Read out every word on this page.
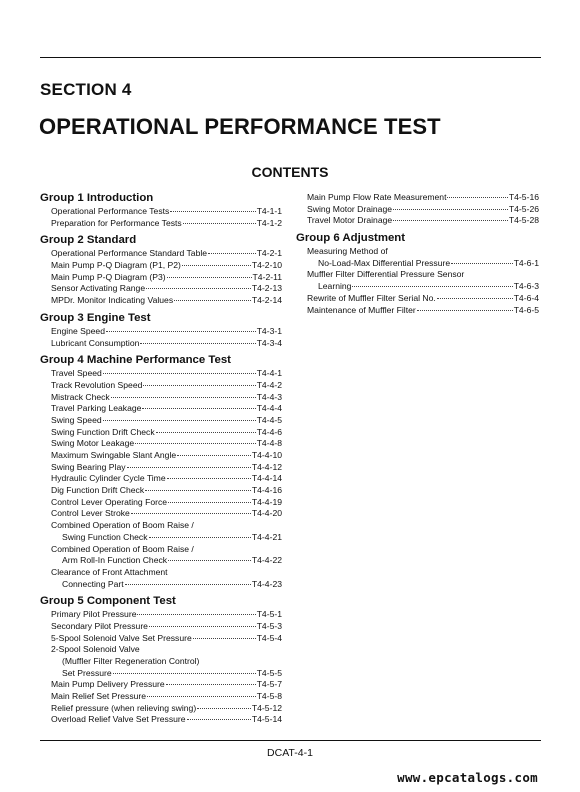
SECTION 4
OPERATIONAL PERFORMANCE TEST
CONTENTS
Group 1 Introduction
Operational Performance Tests	T4-1-1
Preparation for Performance Tests	T4-1-2
Group 2 Standard
Operational Performance Standard Table	T4-2-1
Main Pump P-Q Diagram (P1, P2)	T4-2-10
Main Pump P-Q Diagram (P3)	T4-2-11
Sensor Activating Range	T4-2-13
MPDr. Monitor Indicating Values	T4-2-14
Group 3 Engine Test
Engine Speed	T4-3-1
Lubricant Consumption	T4-3-4
Group 4 Machine Performance Test
Travel Speed	T4-4-1
Track Revolution Speed	T4-4-2
Mistrack Check	T4-4-3
Travel Parking Leakage	T4-4-4
Swing Speed	T4-4-5
Swing Function Drift Check	T4-4-6
Swing Motor Leakage	T4-4-8
Maximum Swingable Slant Angle	T4-4-10
Swing Bearing Play	T4-4-12
Hydraulic Cylinder Cycle Time	T4-4-14
Dig Function Drift Check	T4-4-16
Control Lever Operating Force	T4-4-19
Control Lever Stroke	T4-4-20
Combined Operation of Boom Raise /
Swing Function Check	T4-4-21
Combined Operation of Boom Raise /
Arm Roll-In Function Check	T4-4-22
Clearance of Front Attachment
Connecting Part	T4-4-23
Group 5 Component Test
Primary Pilot Pressure	T4-5-1
Secondary Pilot Pressure	T4-5-3
5-Spool Solenoid Valve Set Pressure	T4-5-4
2-Spool Solenoid Valve
(Muffler Filter Regeneration Control)
Set Pressure	T4-5-5
Main Pump Delivery Pressure	T4-5-7
Main Relief Set Pressure	T4-5-8
Relief pressure (when relieving swing)	T4-5-12
Overload Relief Valve Set Pressure	T4-5-14
Main Pump Flow Rate Measurement	T4-5-16
Swing Motor Drainage	T4-5-26
Travel Motor Drainage	T4-5-28
Group 6 Adjustment
Measuring Method of
No-Load-Max Differential Pressure	T4-6-1
Muffler Filter Differential Pressure Sensor
Learning	T4-6-3
Rewrite of Muffler Filter Serial No.	T4-6-4
Maintenance of Muffler Filter	T4-6-5
DCAT-4-1
www.epcatalogs.com
